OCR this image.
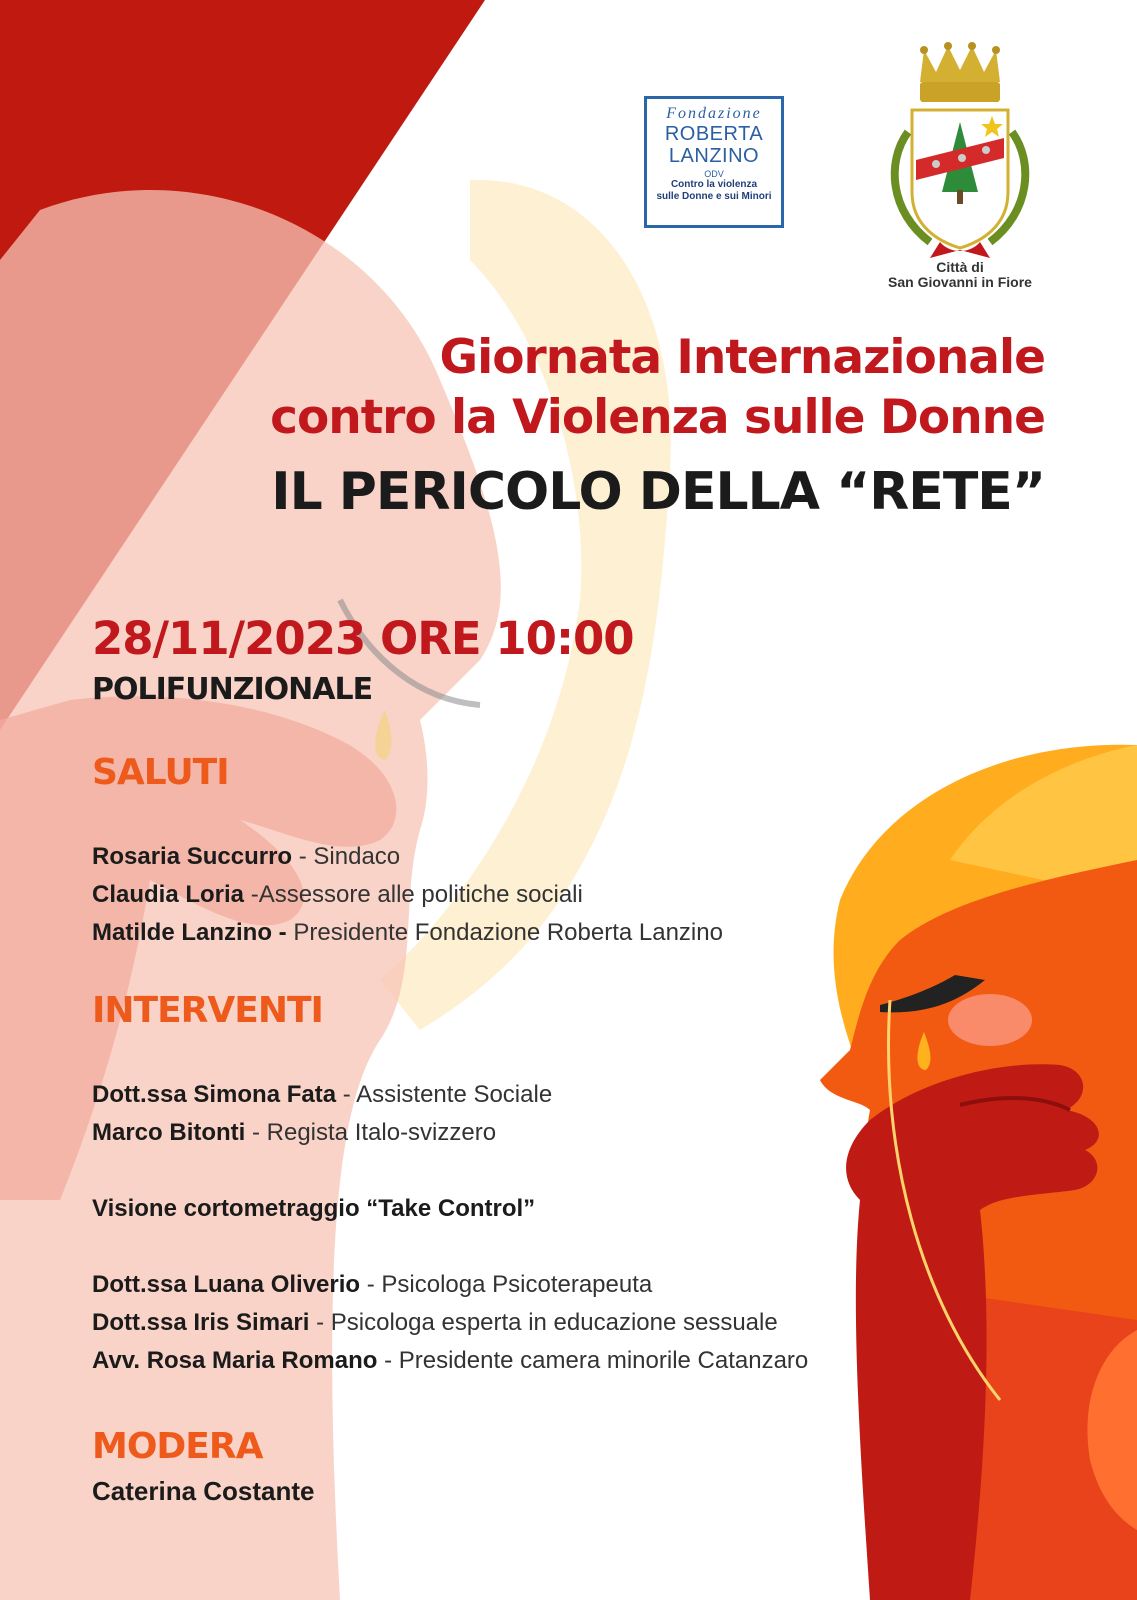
Fondazione
ROBERTA
LANZINO
ODV
Contro la violenza
sulle Donne e sui Minori
Città di
San Giovanni in Fiore
Giornata Internazionale
contro la Violenza sulle Donne
IL PERICOLO DELLA “RETE”
28/11/2023 ORE 10:00
POLIFUNZIONALE
SALUTI
Rosaria Succurro - Sindaco
Claudia Loria -Assessore alle politiche sociali
Matilde Lanzino - Presidente Fondazione Roberta Lanzino
INTERVENTI
Dott.ssa Simona Fata - Assistente Sociale
Marco Bitonti - Regista Italo-svizzero
Visione cortometraggio “Take Control”
Dott.ssa Luana Oliverio - Psicologa Psicoterapeuta
Dott.ssa Iris Simari - Psicologa esperta in educazione sessuale
Avv. Rosa Maria Romano - Presidente camera minorile Catanzaro
MODERA
Caterina Costante
